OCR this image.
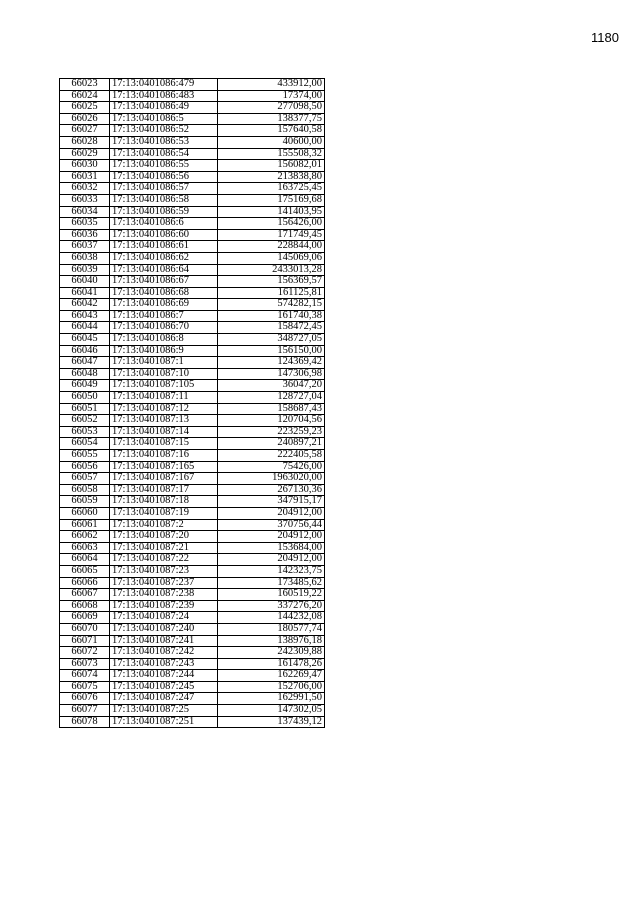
1180
66023	17:13:0401086:479	433912,00
66024	17:13:0401086:483	17374,00
66025	17:13:0401086:49	277098,50
66026	17:13:0401086:5	138377,75
66027	17:13:0401086:52	157640,58
66028	17:13:0401086:53	40600,00
66029	17:13:0401086:54	155508,32
66030	17:13:0401086:55	156082,01
66031	17:13:0401086:56	213838,80
66032	17:13:0401086:57	163725,45
66033	17:13:0401086:58	175169,68
66034	17:13:0401086:59	141403,95
66035	17:13:0401086:6	156426,00
66036	17:13:0401086:60	171749,45
66037	17:13:0401086:61	228844,00
66038	17:13:0401086:62	145069,06
66039	17:13:0401086:64	2433013,28
66040	17:13:0401086:67	156369,57
66041	17:13:0401086:68	161125,81
66042	17:13:0401086:69	574282,15
66043	17:13:0401086:7	161740,38
66044	17:13:0401086:70	158472,45
66045	17:13:0401086:8	348727,05
66046	17:13:0401086:9	156150,00
66047	17:13:0401087:1	124369,42
66048	17:13:0401087:10	147306,98
66049	17:13:0401087:105	36047,20
66050	17:13:0401087:11	128727,04
66051	17:13:0401087:12	158687,43
66052	17:13:0401087:13	120704,56
66053	17:13:0401087:14	223259,23
66054	17:13:0401087:15	240897,21
66055	17:13:0401087:16	222405,58
66056	17:13:0401087:165	75426,00
66057	17:13:0401087:167	1963020,00
66058	17:13:0401087:17	267130,36
66059	17:13:0401087:18	347915,17
66060	17:13:0401087:19	204912,00
66061	17:13:0401087:2	370756,44
66062	17:13:0401087:20	204912,00
66063	17:13:0401087:21	153684,00
66064	17:13:0401087:22	204912,00
66065	17:13:0401087:23	142323,75
66066	17:13:0401087:237	173485,62
66067	17:13:0401087:238	160519,22
66068	17:13:0401087:239	337276,20
66069	17:13:0401087:24	144232,08
66070	17:13:0401087:240	180577,74
66071	17:13:0401087:241	138976,18
66072	17:13:0401087:242	242309,88
66073	17:13:0401087:243	161478,26
66074	17:13:0401087:244	162269,47
66075	17:13:0401087:245	152706,00
66076	17:13:0401087:247	162991,50
66077	17:13:0401087:25	147302,05
66078	17:13:0401087:251	137439,12
